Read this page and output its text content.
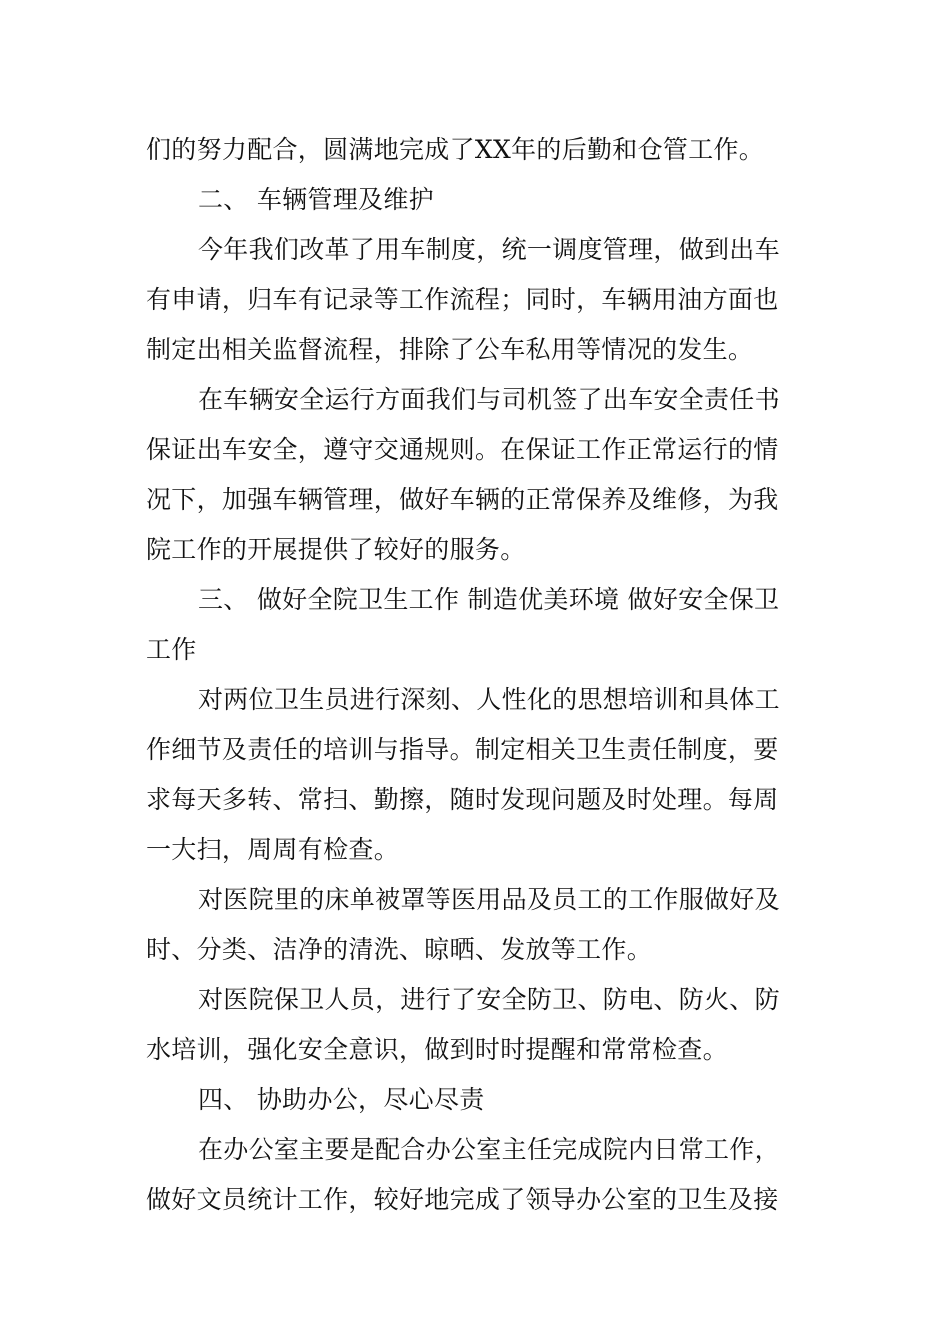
们的努力配合，圆满地完成了XX年的后勤和仓管工作。
二、 车辆管理及维护
今年我们改革了用车制度，统一调度管理，做到出车
有申请，归车有记录等工作流程；同时，车辆用油方面也
制定出相关监督流程，排除了公车私用等情况的发生。
在车辆安全运行方面我们与司机签了出车安全责任书
保证出车安全，遵守交通规则。在保证工作正常运行的情
况下，加强车辆管理，做好车辆的正常保养及维修，为我
院工作的开展提供了较好的服务。
三、 做好全院卫生工作 制造优美环境 做好安全保卫
工作
对两位卫生员进行深刻、人性化的思想培训和具体工
作细节及责任的培训与指导。制定相关卫生责任制度，要
求每天多转、常扫、勤擦，随时发现问题及时处理。每周
一大扫，周周有检查。
对医院里的床单被罩等医用品及员工的工作服做好及
时、分类、洁净的清洗、晾晒、发放等工作。
对医院保卫人员，进行了安全防卫、防电、防火、防
水培训，强化安全意识，做到时时提醒和常常检查。
四、 协助办公，尽心尽责
在办公室主要是配合办公室主任完成院内日常工作，
做好文员统计工作，较好地完成了领导办公室的卫生及接
